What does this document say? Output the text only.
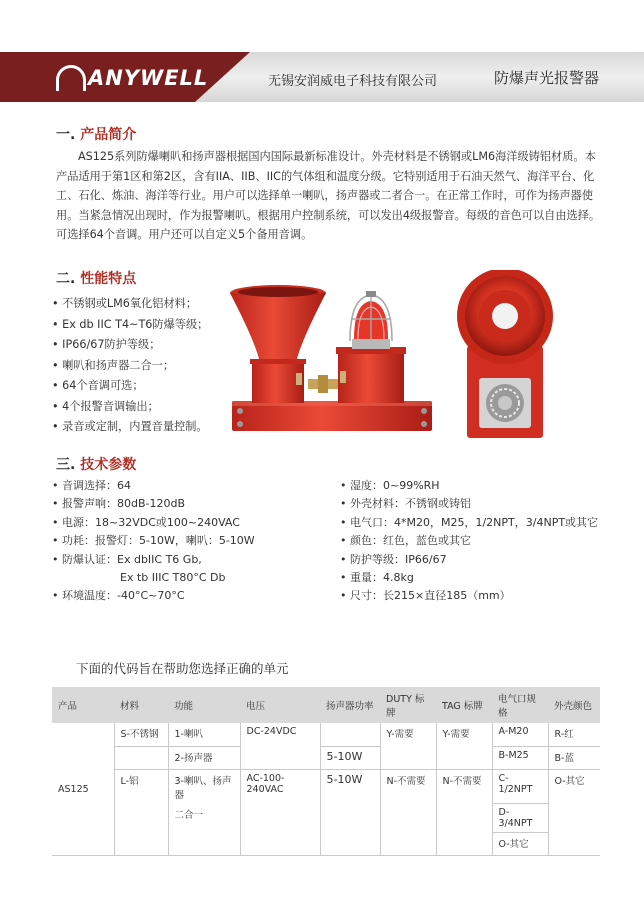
ANYWELL	无锡安润威电子科技有限公司	防爆声光报警器
一. 产品简介
AS125系列防爆喇叭和扬声器根据国内国际最新标准设计。外壳材料是不锈钢或LM6海洋级铸铝材质。本产品适用于第1区和第2区，含有IIA、IIB、IIC的气体组和温度分级。它特别适用于石油天然气、海洋平台、化工、石化、炼油、海洋等行业。用户可以选择单一喇叭，扬声器或二者合一。在正常工作时，可作为扬声器使用。当紧急情况出现时，作为报警喇叭。根据用户控制系统，可以发出4级报警音。每级的音色可以自由选择。可选择64个音调。用户还可以自定义5个备用音调。
二. 性能特点
• 不锈钢或LM6氧化铝材料；
• Ex db IIC T4~T6防爆等级；
• IP66/67防护等级；
• 喇叭和扬声器二合一；
• 64个音调可选；
• 4个报警音调输出；
• 录音或定制，内置音量控制。
三. 技术参数
• 音调选择：64
• 报警声响：80dB-120dB
• 电源：18~32VDC或100~240VAC
• 功耗：报警灯：5-10W，喇叭：5-10W
• 防爆认证：Ex dbIIC T6 Gb,
Ex tb IIIC T80°C Db
• 环境温度：-40°C~70°C
• 湿度：0~99%RH
• 外壳材料：不锈钢或铸铝
• 电气口：4*M20，M25，1/2NPT，3/4NPT或其它
• 颜色：红色，蓝色或其它
• 防护等级：IP66/67
• 重量：4.8kg
• 尺寸：长215×直径185（mm）
下面的代码旨在帮助您选择正确的单元
产品	材料	功能	电压	扬声器功率	DUTY 标牌	TAG 标牌	电气口规格	外壳颜色
AS125	S-不锈钢	1-喇叭	DC-24VDC		Y-需要	Y-需要	A-M20	R-红
		2-扬声器		5-10W			B-M25	B-蓝
	L-铝	3-喇叭、扬声器	AC-100-240VAC	5-10W	N-不需要	N-不需要	C-1/2NPT	O-其它
		二合一					D-3/4NPT	
							O-其它	
